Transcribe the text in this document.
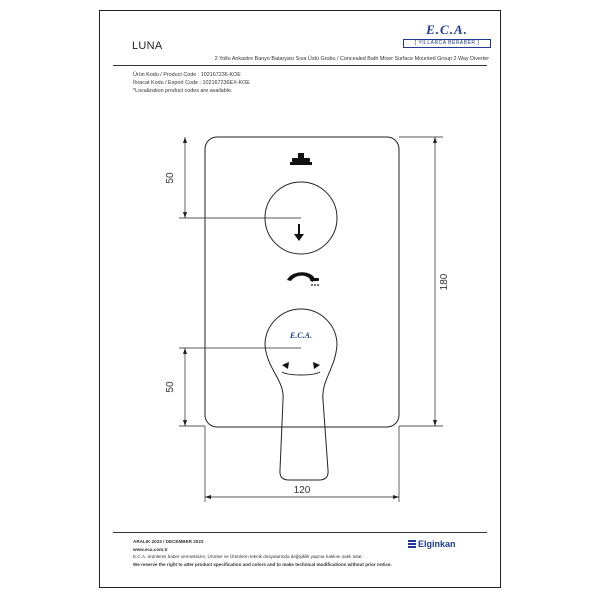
E.C.A.
[ YILLARCA BERABER ]
LUNA
2 Yollu Ankastre Banyo Bataryası Sıva Üstü Grubu / Concealed Bath Mixer Surface Mounted Group 2 Way Diverter
Ürün Kodu / Product Code : 102167236-KOE
İhracat Kodu / Export Code : 102167236EX-KOE
*Localization product codes are available.
E.C.A.
50
50
180
120
ARALIK 2023 / DECEMBER 2023
www.eca.com.tr
E.C.A. ürünlerini haber vermeksizin, Ürünler ve Ürünlerin teknik dosyalarında değişiklik yapma hakkını saklı tutar.
We reserve the right to alter product specification and colors and to make technical modifications without prior notice.
Elginkan
